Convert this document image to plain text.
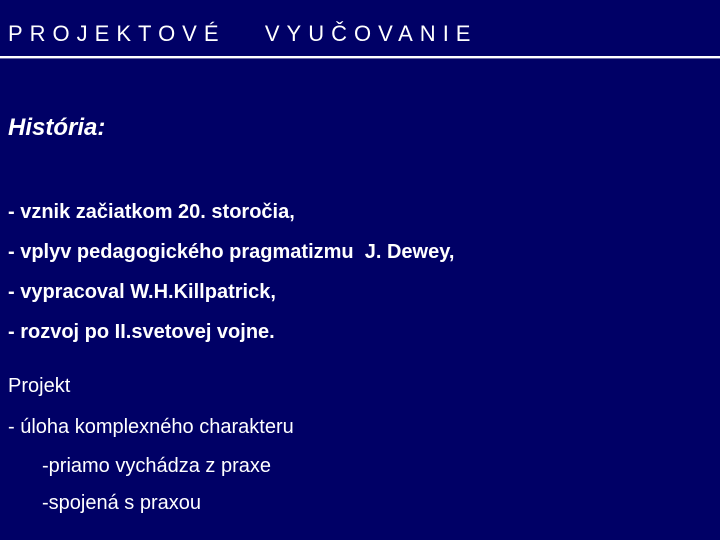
PROJEKTOVÉ   VYUČOVANIE
História:
- vznik začiatkom 20. storočia,
- vplyv pedagogického pragmatizmu  J. Dewey,
- vypracoval W.H.Killpatrick,
- rozvoj po II.svetovej vojne.
Projekt
- úloha komplexného charakteru
-priamo vychádza z praxe
-spojená s praxou
